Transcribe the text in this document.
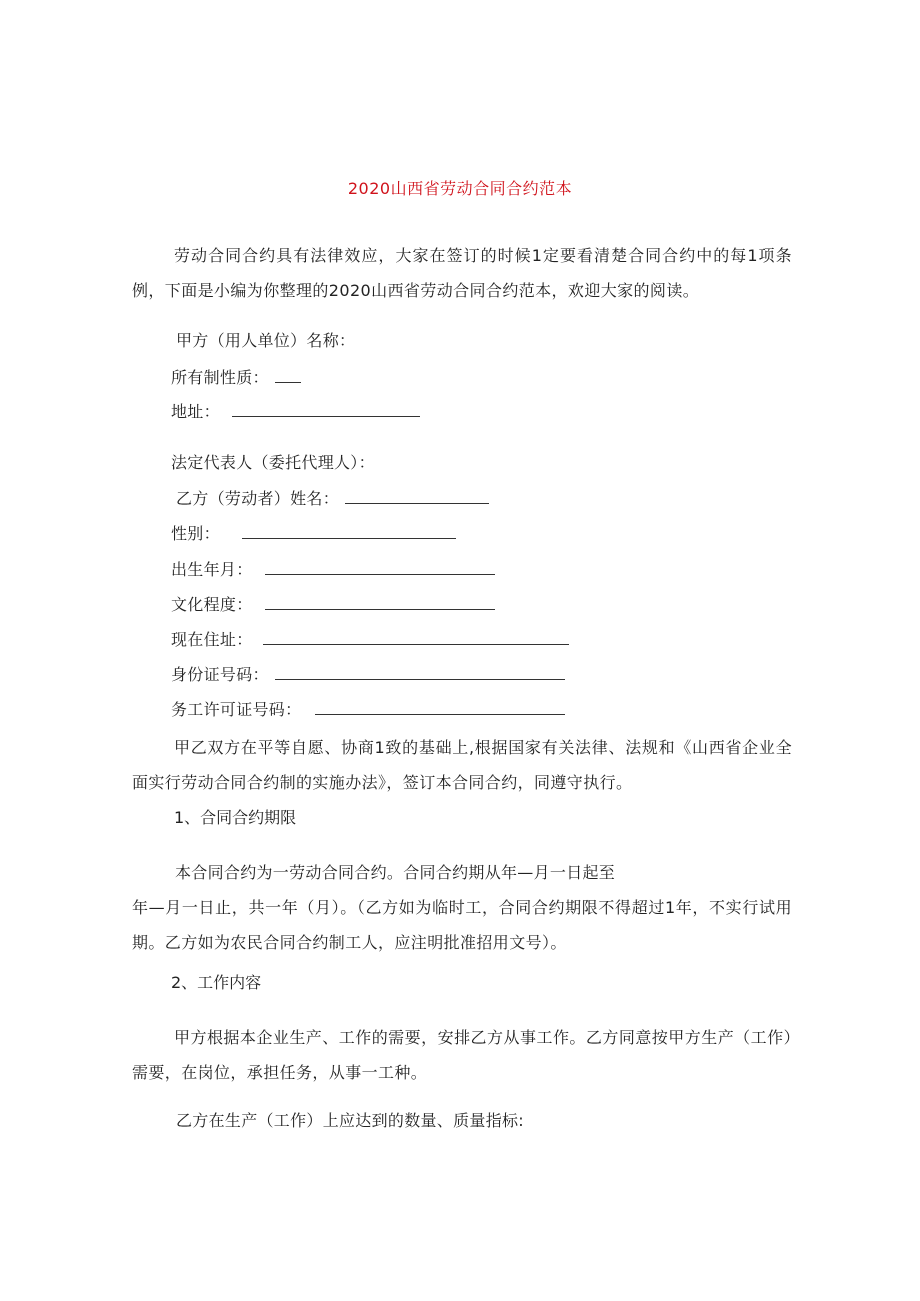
2020山西省劳动合同合约范本

劳动合同合约具有法律效应，大家在签订的时候1定要看清楚合同合约中的每1项条例，下面是小编为你整理的2020山西省劳动合同合约范本，欢迎大家的阅读。

甲方（用人单位）名称：
所有制性质：
地址：
法定代表人（委托代理人）：
乙方（劳动者）姓名：
性别：
出生年月：
文化程度：
现在住址：
身份证号码：
务工许可证号码：

甲乙双方在平等自愿、协商1致的基础上,根据国家有关法律、法规和《山西省企业全面实行劳动合同合约制的实施办法》，签订本合同合约，同遵守执行。

1、合同合约期限
本合同合约为一劳动合同合约。合同合约期从年—月一日起至

年—月一日止，共一年（月）。（乙方如为临时工，合同合约期限不得超过1年，不实行试用期。乙方如为农民合同合约制工人，应注明批准招用文号）。

2、工作内容

甲方根据本企业生产、工作的需要，安排乙方从事工作。乙方同意按甲方生产（工作）需要，在岗位，承担任务，从事一工种。

乙方在生产（工作）上应达到的数量、质量指标:
